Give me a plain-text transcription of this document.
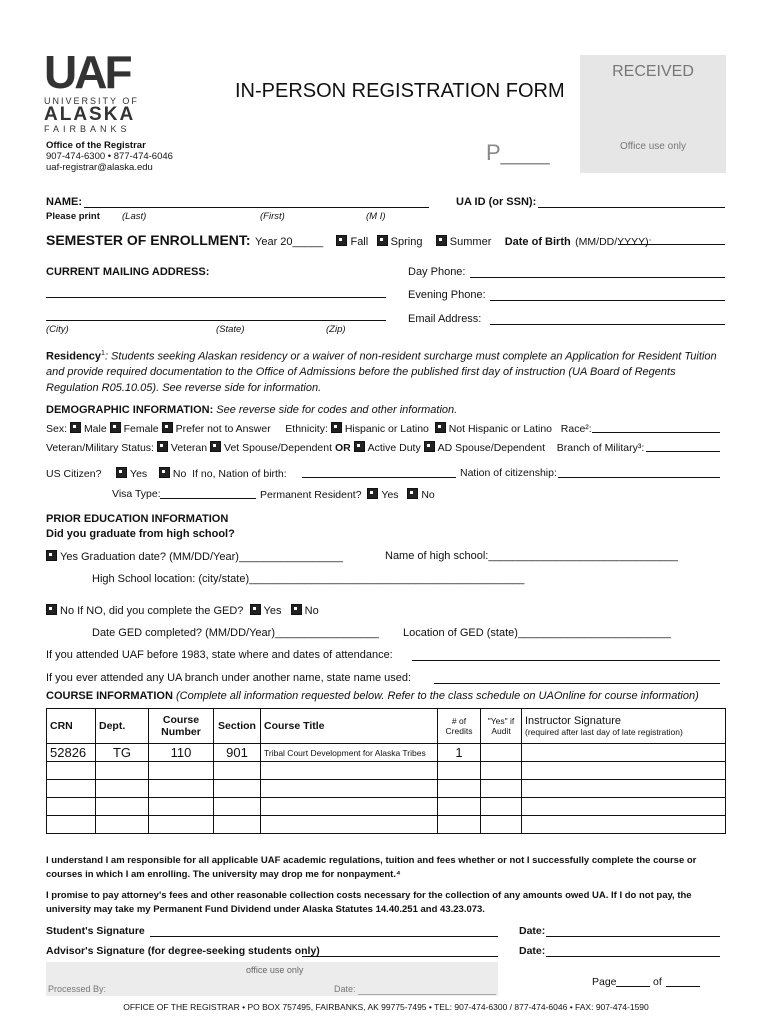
UAF
UNIVERSITY OF
ALASKA
FAIRBANKS
Office of the Registrar
907-474-6300 • 877-474-6046
uaf-registrar@alaska.edu
IN-PERSON REGISTRATION FORM
P____
RECEIVED
Office use only
NAME:
Please print (Last)	(First)	(M I)
UA ID (or SSN):
SEMESTER OF ENROLLMENT: Year 20_____ Fall Spring Summer Date of Birth (MM/DD/YYYY):
CURRENT MAILING ADDRESS:	Day Phone:
Evening Phone:
Email Address:
(City)	(State)	(Zip)
Residency$^1$: Students seeking Alaskan residency or a waiver of non-resident surcharge must complete an Application for Resident Tuition and provide required documentation to the Office of Admissions before the published first day of instruction (UA Board of Regents Regulation R05.10.05). See reverse side for information.
DEMOGRAPHIC INFORMATION: See reverse side for codes and other information.
Sex: Male Female Prefer not to Answer Ethnicity: Hispanic or Latino Not Hispanic or Latino Race²:
Veteran/Military Status: Veteran Vet Spouse/Dependent OR Active Duty AD Spouse/Dependent Branch of Military³:
US Citizen?	Yes No If no, Nation of birth:	Nation of citizenship:
Visa Type:	Permanent Resident? Yes No
PRIOR EDUCATION INFORMATION
Did you graduate from high school?
Yes Graduation date? (MM/DD/Year)_________________	Name of high school:_______________________________
High School location: (city/state)_____________________________________________
No If NO, did you complete the GED? Yes No
Date GED completed? (MM/DD/Year)_________________ Location of GED (state)_________________________
If you attended UAF before 1983, state where and dates of attendance:
If you ever attended any UA branch under another name, state name used:
COURSE INFORMATION (Complete all information requested below. Refer to the class schedule on UAOnline for course information)
CRN	Dept.	Course Number	Section	Course Title	# of Credits	"Yes" if Audit	Instructor Signature
(required after last day of late registration)

52826	TG	110	901	Tribal Court Development for Alaska Tribes	1		

I understand I am responsible for all applicable UAF academic regulations, tuition and fees whether or not I successfully complete the course or courses in which I am enrolling. The university may drop me for nonpayment.⁴
I promise to pay attorney's fees and other reasonable collection costs necessary for the collection of any amounts owed UA. If I do not pay, the university may take my Permanent Fund Dividend under Alaska Statutes 14.40.251 and 43.23.073.
Student's Signature	Date:
Advisor's Signature (for degree-seeking students only)	Date:
office use only
Processed By:	Date:
Page	of
OFFICE OF THE REGISTRAR • PO BOX 757495, FAIRBANKS, AK 99775-7495 • TEL: 907-474-6300 / 877-474-6046 • FAX: 907-474-1590
